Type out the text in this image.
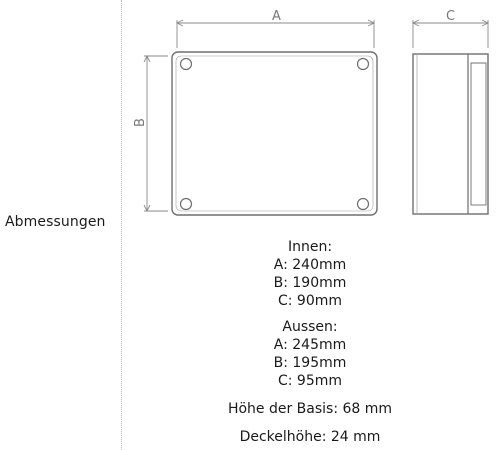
Abmessungen
A
B
C
Innen:
A: 240mm
B: 190mm
C: 90mm
Aussen:
A: 245mm
B: 195mm
C: 95mm
Höhe der Basis: 68 mm
Deckelhöhe: 24 mm
